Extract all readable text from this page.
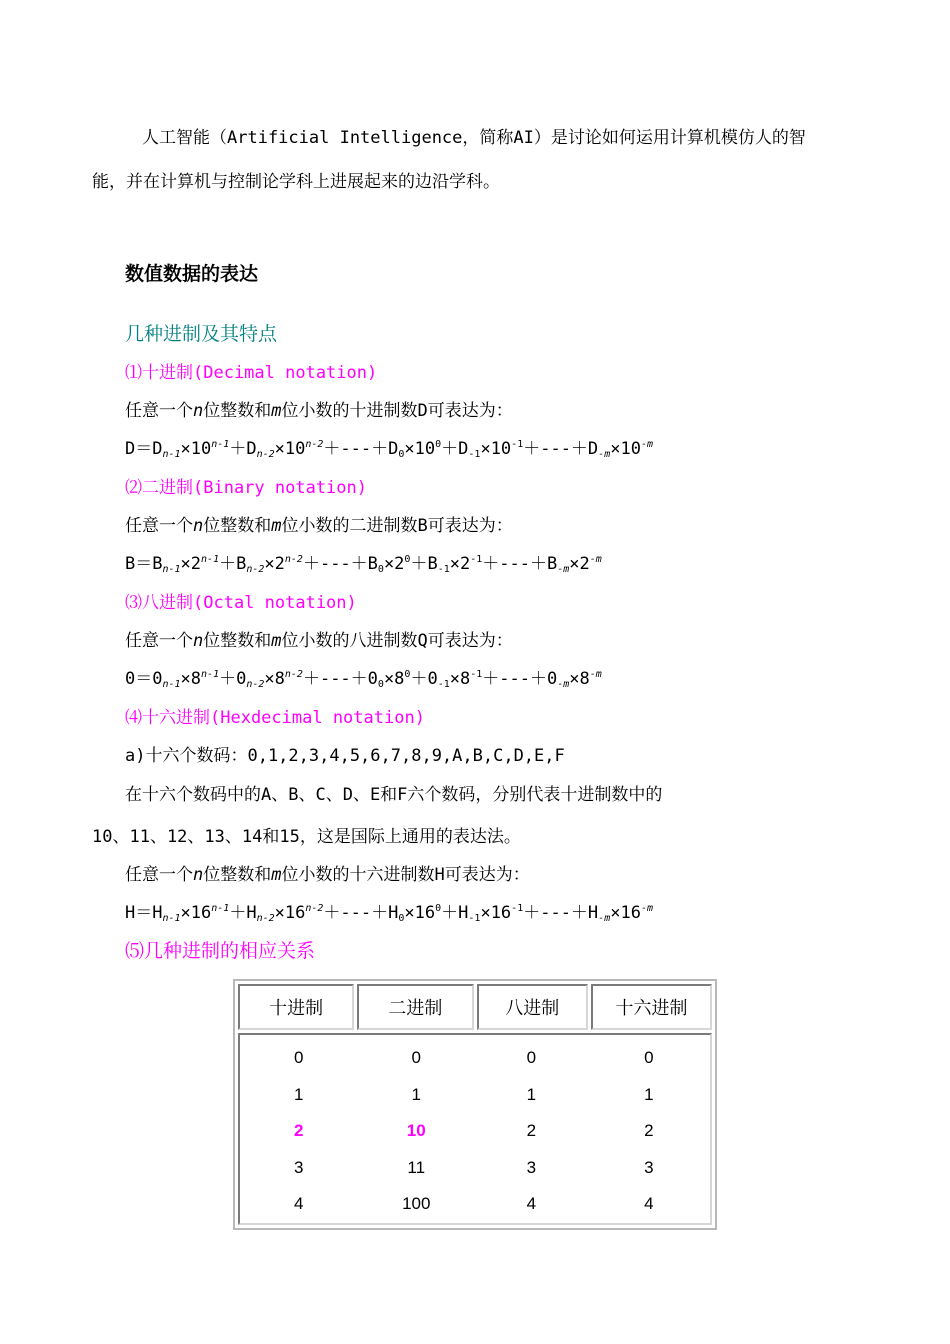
人工智能（Artificial Intelligence，简称AI）是讨论如何运用计算机模仿人的智
能，并在计算机与控制论学科上进展起来的边沿学科。
数值数据的表达
几种进制及其特点
⑴十进制(Decimal notation)
任意一个n位整数和m位小数的十进制数D可表达为：
$D=D_{n-1}\times 10^{n-1}+D_{n-2}\times 10^{n-2}+---+D_0\times 10^0+D_{-1}\times 10^{-1}+---+D_{-m}\times 10^{-m}$
⑵二进制(Binary notation)
任意一个n位整数和m位小数的二进制数B可表达为：
$B=B_{n-1}\times 2^{n-1}+B_{n-2}\times 2^{n-2}+---+B_0\times 2^0+B_{-1}\times 2^{-1}+---+B_{-m}\times 2^{-m}$
⑶八进制(Octal notation)
任意一个n位整数和m位小数的八进制数Q可表达为：
$0=0_{n-1}\times 8^{n-1}+0_{n-2}\times 8^{n-2}+---+0_0\times 8^0+0_{-1}\times 8^{-1}+---+0_{-m}\times 8^{-m}$
⑷十六进制(Hexdecimal notation)
a)十六个数码：0,1,2,3,4,5,6,7,8,9,A,B,C,D,E,F
在十六个数码中的A、B、C、D、E和F六个数码，分别代表十进制数中的
10、11、12、13、14和15，这是国际上通用的表达法。
任意一个n位整数和m位小数的十六进制数H可表达为：
$H=H_{n-1}\times 16^{n-1}+H_{n-2}\times 16^{n-2}+---+H_0\times 16^0+H_{-1}\times 16^{-1}+---+H_{-m}\times 16^{-m}$
⑸几种进制的相应关系
十进制	二进制	八进制	十六进制

0	0	0	0
1	1	1	1
2	10	2	2
3	11	3	3
4	100	4	4
